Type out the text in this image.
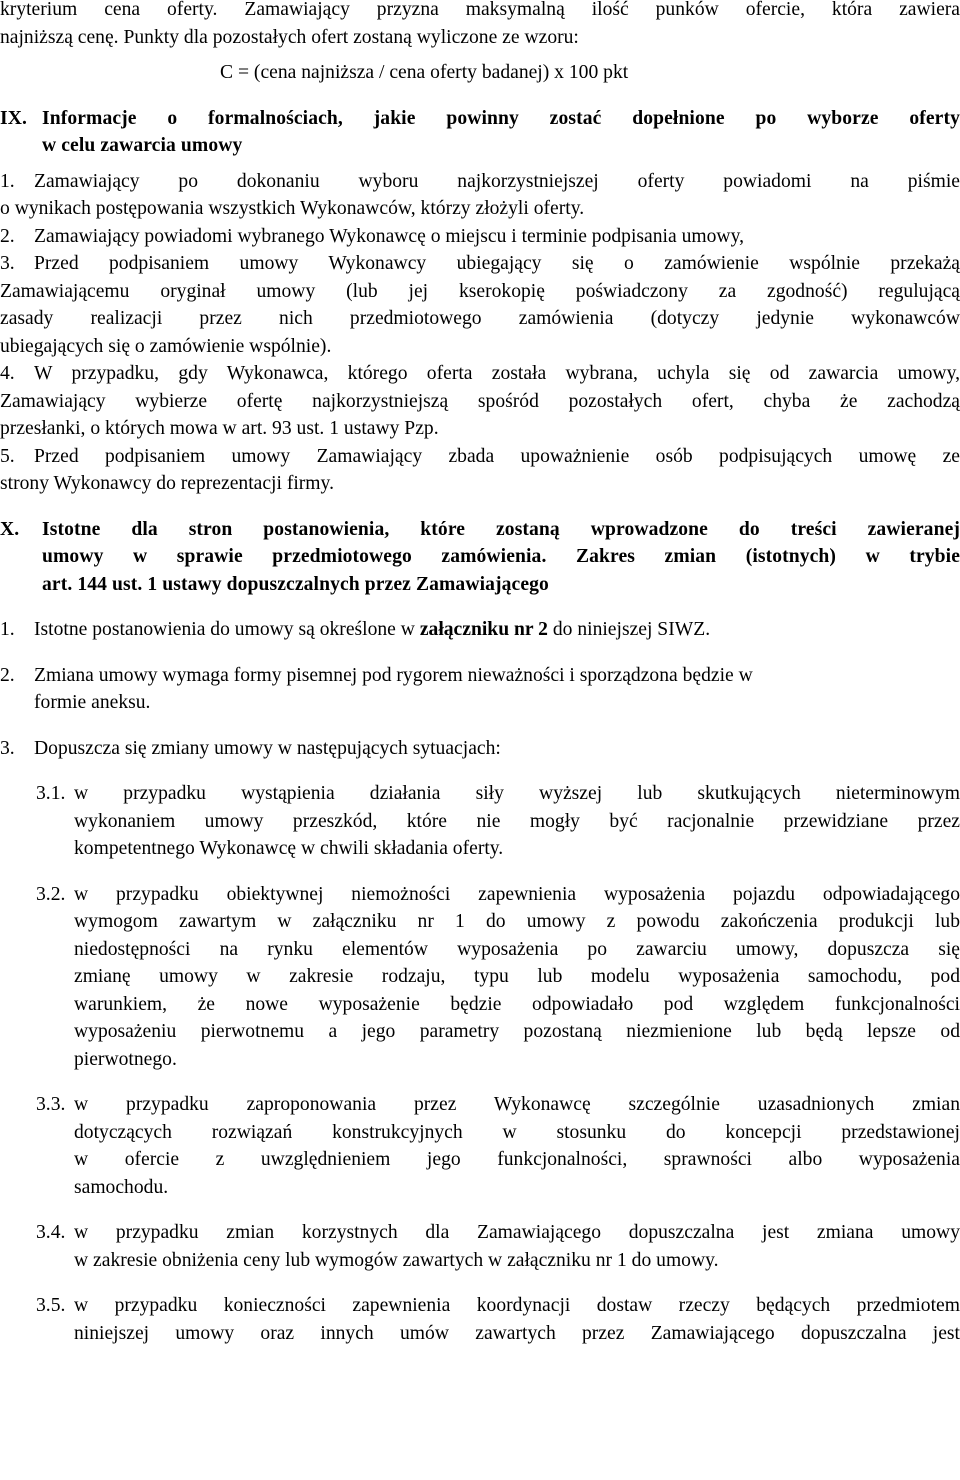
kryterium cena oferty. Zamawiający przyzna maksymalną ilość punków ofercie, która zawiera

najniższą cenę. Punkty dla pozostałych ofert zostaną wyliczone ze wzoru:

C = (cena najniższa / cena oferty badanej) x 100 pkt

IX. Informacje o formalnościach, jakie powinny zostać dopełnione po wyborze oferty

w celu zawarcia umowy

1. Zamawiający po dokonaniu wyboru najkorzystniejszej oferty powiadomi na piśmie

o wynikach postępowania wszystkich Wykonawców, którzy złożyli oferty.

2. Zamawiający powiadomi wybranego Wykonawcę o miejscu i terminie podpisania umowy,

3. Przed podpisaniem umowy Wykonawcy ubiegający się o zamówienie wspólnie przekażą

Zamawiającemu oryginał umowy (lub jej kserokopię poświadczony za zgodność) regulującą

zasady realizacji przez nich przedmiotowego zamówienia (dotyczy jedynie wykonawców

ubiegających się o zamówienie wspólnie).

4. W przypadku, gdy Wykonawca, którego oferta została wybrana, uchyla się od zawarcia umowy,

Zamawiający wybierze ofertę najkorzystniejszą spośród pozostałych ofert, chyba że zachodzą

przesłanki, o których mowa w art. 93 ust. 1 ustawy Pzp.

5. Przed podpisaniem umowy Zamawiający zbada upoważnienie osób podpisujących umowę ze

strony Wykonawcy do reprezentacji firmy.

X.	Istotne dla stron postanowienia, które zostaną wprowadzone do treści zawieranej

umowy w sprawie przedmiotowego zamówienia. Zakres zmian (istotnych) w trybie

art. 144 ust. 1 ustawy dopuszczalnych przez Zamawiającego

1. Istotne postanowienia do umowy są określone w załączniku nr 2 do niniejszej SIWZ.

2. Zmiana umowy wymaga formy pisemnej pod rygorem nieważności i sporządzona będzie w

formie aneksu.

3. Dopuszcza się zmiany umowy w następujących sytuacjach:

3.1. w przypadku wystąpienia działania siły wyższej lub skutkujących nieterminowym

wykonaniem umowy przeszkód, które nie mogły być racjonalnie przewidziane przez

kompetentnego Wykonawcę w chwili składania oferty.

3.2. w przypadku obiektywnej niemożności zapewnienia wyposażenia pojazdu odpowiadającego

wymogom zawartym w załączniku nr 1 do umowy z powodu zakończenia produkcji lub

niedostępności na rynku elementów wyposażenia po zawarciu umowy, dopuszcza się

zmianę umowy w zakresie rodzaju, typu lub modelu wyposażenia samochodu, pod

warunkiem, że nowe wyposażenie będzie odpowiadało pod względem funkcjonalności

wyposażeniu pierwotnemu a jego parametry pozostaną niezmienione lub będą lepsze od

pierwotnego.

3.3. w przypadku zaproponowania przez Wykonawcę szczególnie uzasadnionych zmian

dotyczących rozwiązań konstrukcyjnych w stosunku do koncepcji przedstawionej

w ofercie z uwzględnieniem jego funkcjonalności, sprawności albo wyposażenia

samochodu.

3.4. w przypadku zmian korzystnych dla Zamawiającego dopuszczalna jest zmiana umowy

w zakresie obniżenia ceny lub wymogów zawartych w załączniku nr 1 do umowy.

3.5. w przypadku konieczności zapewnienia koordynacji dostaw rzeczy będących przedmiotem

niniejszej umowy oraz innych umów zawartych przez Zamawiającego dopuszczalna jest
